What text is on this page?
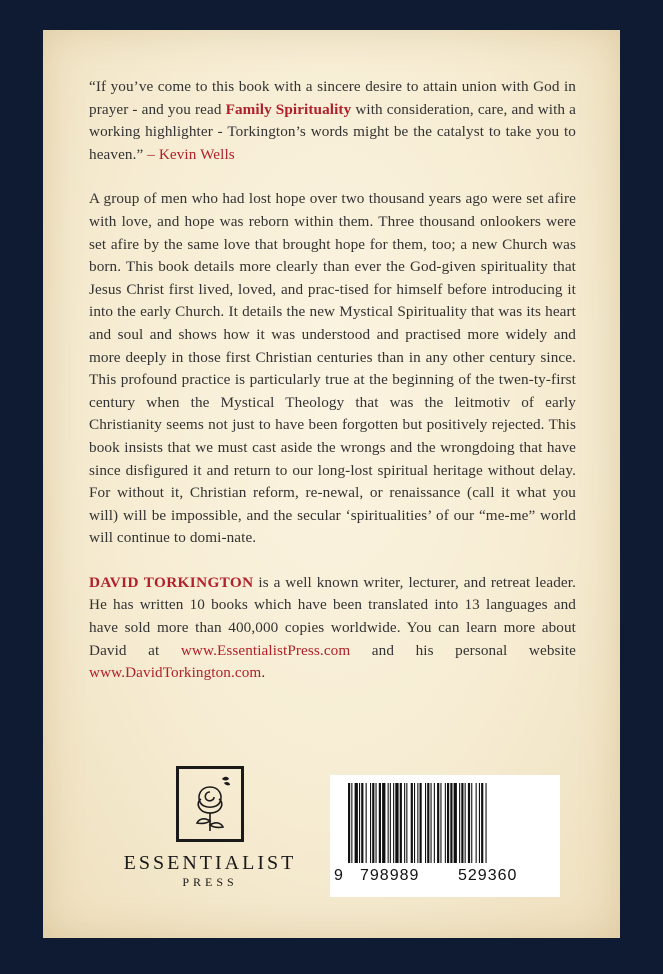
“If you’ve come to this book with a sincere desire to attain union with God in prayer - and you read Family Spirituality with consideration, care, and with a working highlighter - Torkington’s words might be the catalyst to take you to heaven.” – Kevin Wells

A group of men who had lost hope over two thousand years ago were set afire with love, and hope was reborn within them. Three thousand onlookers were set afire by the same love that brought hope for them, too; a new Church was born. This book details more clearly than ever the God-given spirituality that Jesus Christ first lived, loved, and prac-tised for himself before introducing it into the early Church. It details the new Mystical Spirituality that was its heart and soul and shows how it was understood and practised more widely and more deeply in those first Christian centuries than in any other century since. This profound practice is particularly true at the beginning of the twen-ty-first century when the Mystical Theology that was the leitmotiv of early Christianity seems not just to have been forgotten but positively rejected. This book insists that we must cast aside the wrongs and the wrongdoing that have since disfigured it and return to our long-lost spiritual heritage without delay. For without it, Christian reform, re-newal, or renaissance (call it what you will) will be impossible, and the secular ‘spiritualities’ of our “me-me” world will continue to domi-nate.

DAVID TORKINGTON is a well known writer, lecturer, and retreat leader. He has written 10 books which have been translated into 13 languages and have sold more than 400,000 copies worldwide. You can learn more about David at www.EssentialistPress.com and his personal website www.DavidTorkington.com.

ESSENTIALIST
PRESS	9 798989 529360
